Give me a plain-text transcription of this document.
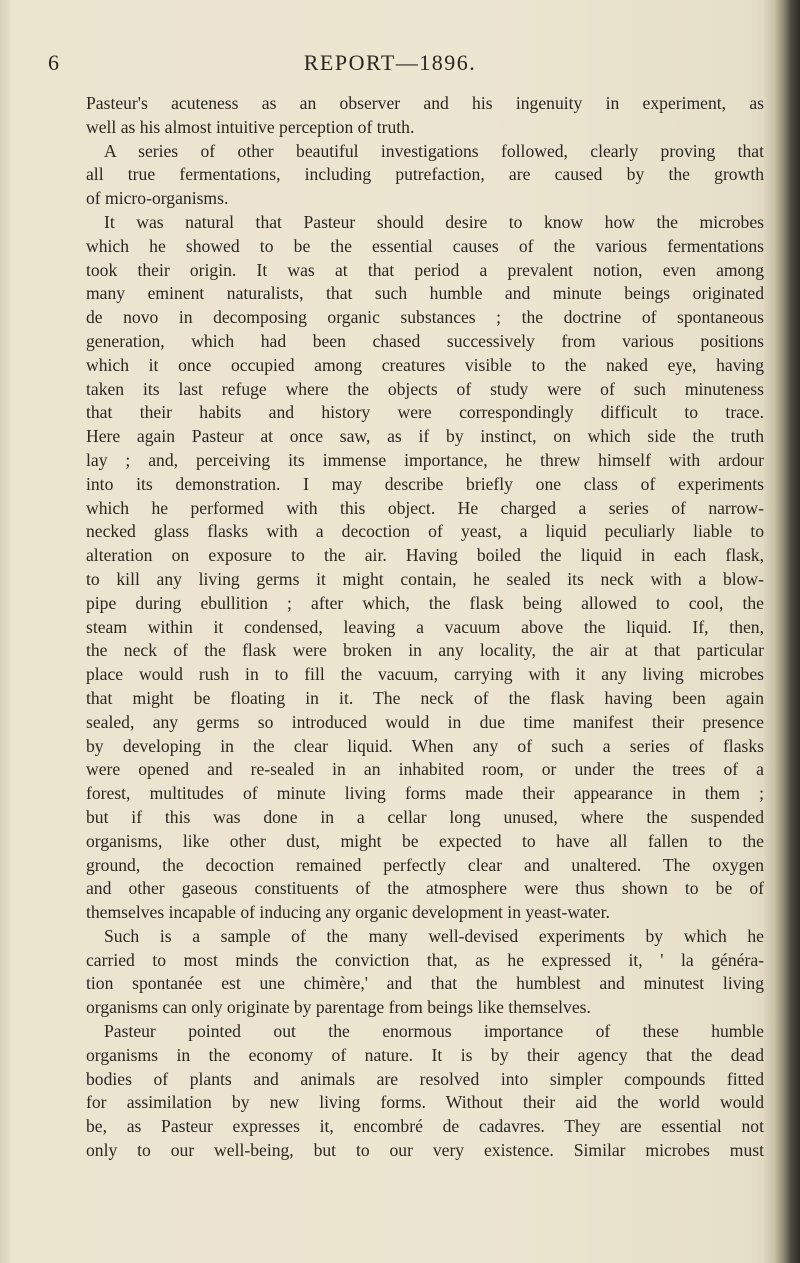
REPORT—1896.
6
Pasteur's acuteness as an observer and his ingenuity in experiment, as
well as his almost intuitive perception of truth.
A series of other beautiful investigations followed, clearly proving that
all true fermentations, including putrefaction, are caused by the growth
of micro-organisms.
It was natural that Pasteur should desire to know how the microbes
which he showed to be the essential causes of the various fermentations
took their origin. It was at that period a prevalent notion, even among
many eminent naturalists, that such humble and minute beings originated
de novo in decomposing organic substances ; the doctrine of spontaneous
generation, which had been chased successively from various positions
which it once occupied among creatures visible to the naked eye, having
taken its last refuge where the objects of study were of such minuteness
that their habits and history were correspondingly difficult to trace.
Here again Pasteur at once saw, as if by instinct, on which side the truth
lay ; and, perceiving its immense importance, he threw himself with ardour
into its demonstration. I may describe briefly one class of experiments
which he performed with this object. He charged a series of narrow-
necked glass flasks with a decoction of yeast, a liquid peculiarly liable to
alteration on exposure to the air. Having boiled the liquid in each flask,
to kill any living germs it might contain, he sealed its neck with a blow-
pipe during ebullition ; after which, the flask being allowed to cool, the
steam within it condensed, leaving a vacuum above the liquid. If, then,
the neck of the flask were broken in any locality, the air at that particular
place would rush in to fill the vacuum, carrying with it any living microbes
that might be floating in it. The neck of the flask having been again
sealed, any germs so introduced would in due time manifest their presence
by developing in the clear liquid. When any of such a series of flasks
were opened and re-sealed in an inhabited room, or under the trees of a
forest, multitudes of minute living forms made their appearance in them ;
but if this was done in a cellar long unused, where the suspended
organisms, like other dust, might be expected to have all fallen to the
ground, the decoction remained perfectly clear and unaltered. The oxygen
and other gaseous constituents of the atmosphere were thus shown to be of
themselves incapable of inducing any organic development in yeast-water.
Such is a sample of the many well-devised experiments by which he
carried to most minds the conviction that, as he expressed it, ' la généra-
tion spontanée est une chimère,' and that the humblest and minutest living
organisms can only originate by parentage from beings like themselves.
Pasteur pointed out the enormous importance of these humble
organisms in the economy of nature. It is by their agency that the dead
bodies of plants and animals are resolved into simpler compounds fitted
for assimilation by new living forms. Without their aid the world would
be, as Pasteur expresses it, encombré de cadavres. They are essential not
only to our well-being, but to our very existence. Similar microbes must
